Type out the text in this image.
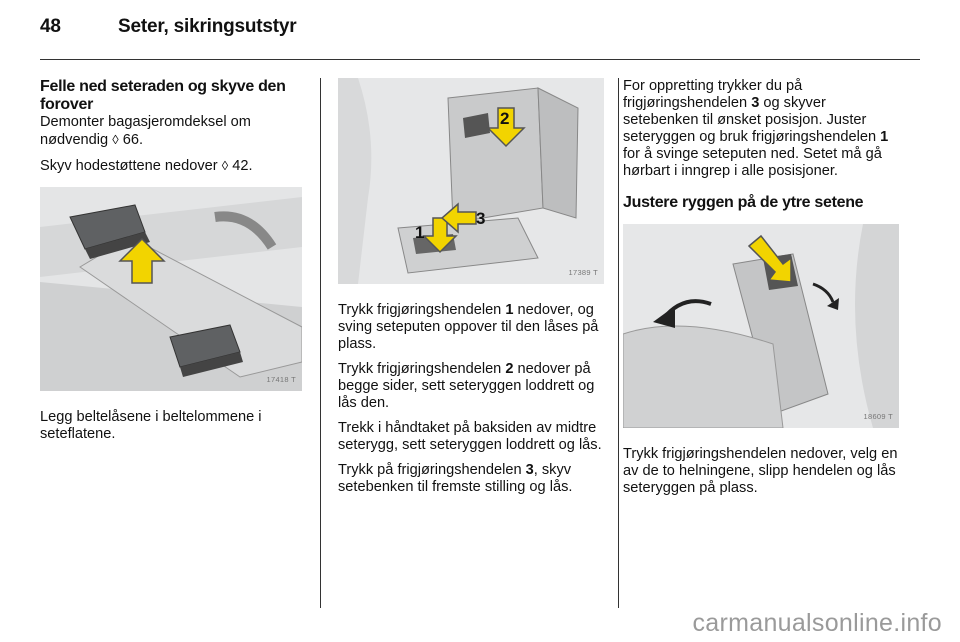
48	Seter, sikringsutstyr
Felle ned seteraden og skyve den forover

Demonter bagasjeromdeksel om nødvendig ◊ 66.

Skyv hodestøttene nedover ◊ 42.

17418 T

Legg beltelåsene i beltelommene i seteflatene.

2
3
1
17389 T

Trykk frigjøringshendelen 1 nedover, og sving seteputen oppover til den låses på plass.

Trykk frigjøringshendelen 2 nedover på begge sider, sett seteryggen loddrett og lås den.

Trekk i håndtaket på baksiden av midtre seterygg, sett seteryggen loddrett og lås.

Trykk på frigjøringshendelen 3, skyv setebenken til fremste stilling og lås.

For oppretting trykker du på frigjøringshendelen 3 og skyver setebenken til ønsket posisjon. Juster seteryggen og bruk frigjøringshendelen 1 for å svinge seteputen ned. Setet må gå hørbart i inngrep i alle posisjoner.

Justere ryggen på de ytre setene
18609 T

Trykk frigjøringshendelen nedover, velg en av de to helningene, slipp hendelen og lås seteryggen på plass.

carmanualsonline.info
